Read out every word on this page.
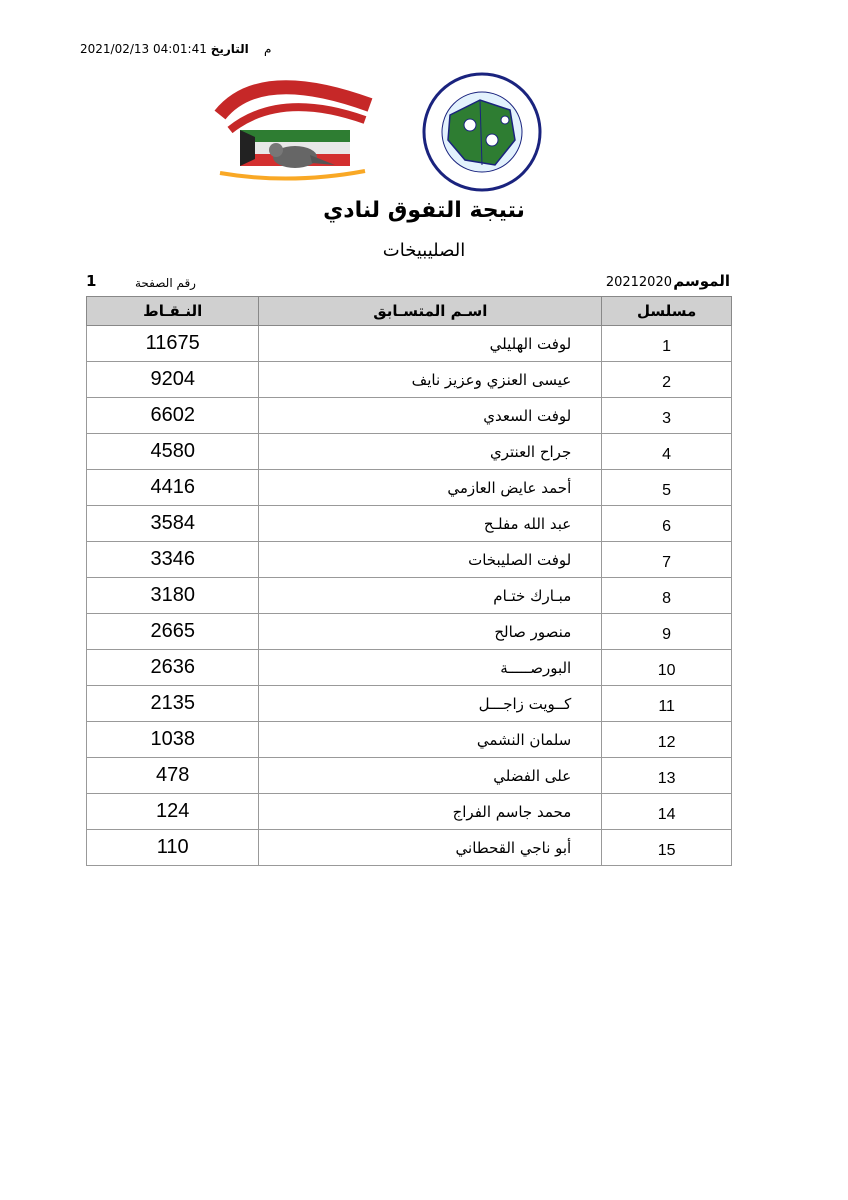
2021/02/13 04:01:41 م    التاريخ
نتيجة التفوق لنادي
الصليبيخات
الموسم
20212020
رقم الصفحة
1
النـقـاط	اسـم المتسـابق	مسلسل
11675	لوفت الهليلي	1
9204	عيسى العنزي وعزيز نايف	2
6602	لوفت السعدي	3
4580	جراح العنتري	4
4416	أحمد عايض العازمي	5
3584	عبد الله مفلـح	6
3346	لوفت الصليبخات	7
3180	مبـارك ختـام	8
2665	منصور صالح	9
2636	البورصـــــة	10
2135	كــويت زاجـــل	11
1038	سلمان النشمي	12
478	على الفضلي	13
124	محمد جاسم الفراج	14
110	أبو ناجي القحطاني	15
